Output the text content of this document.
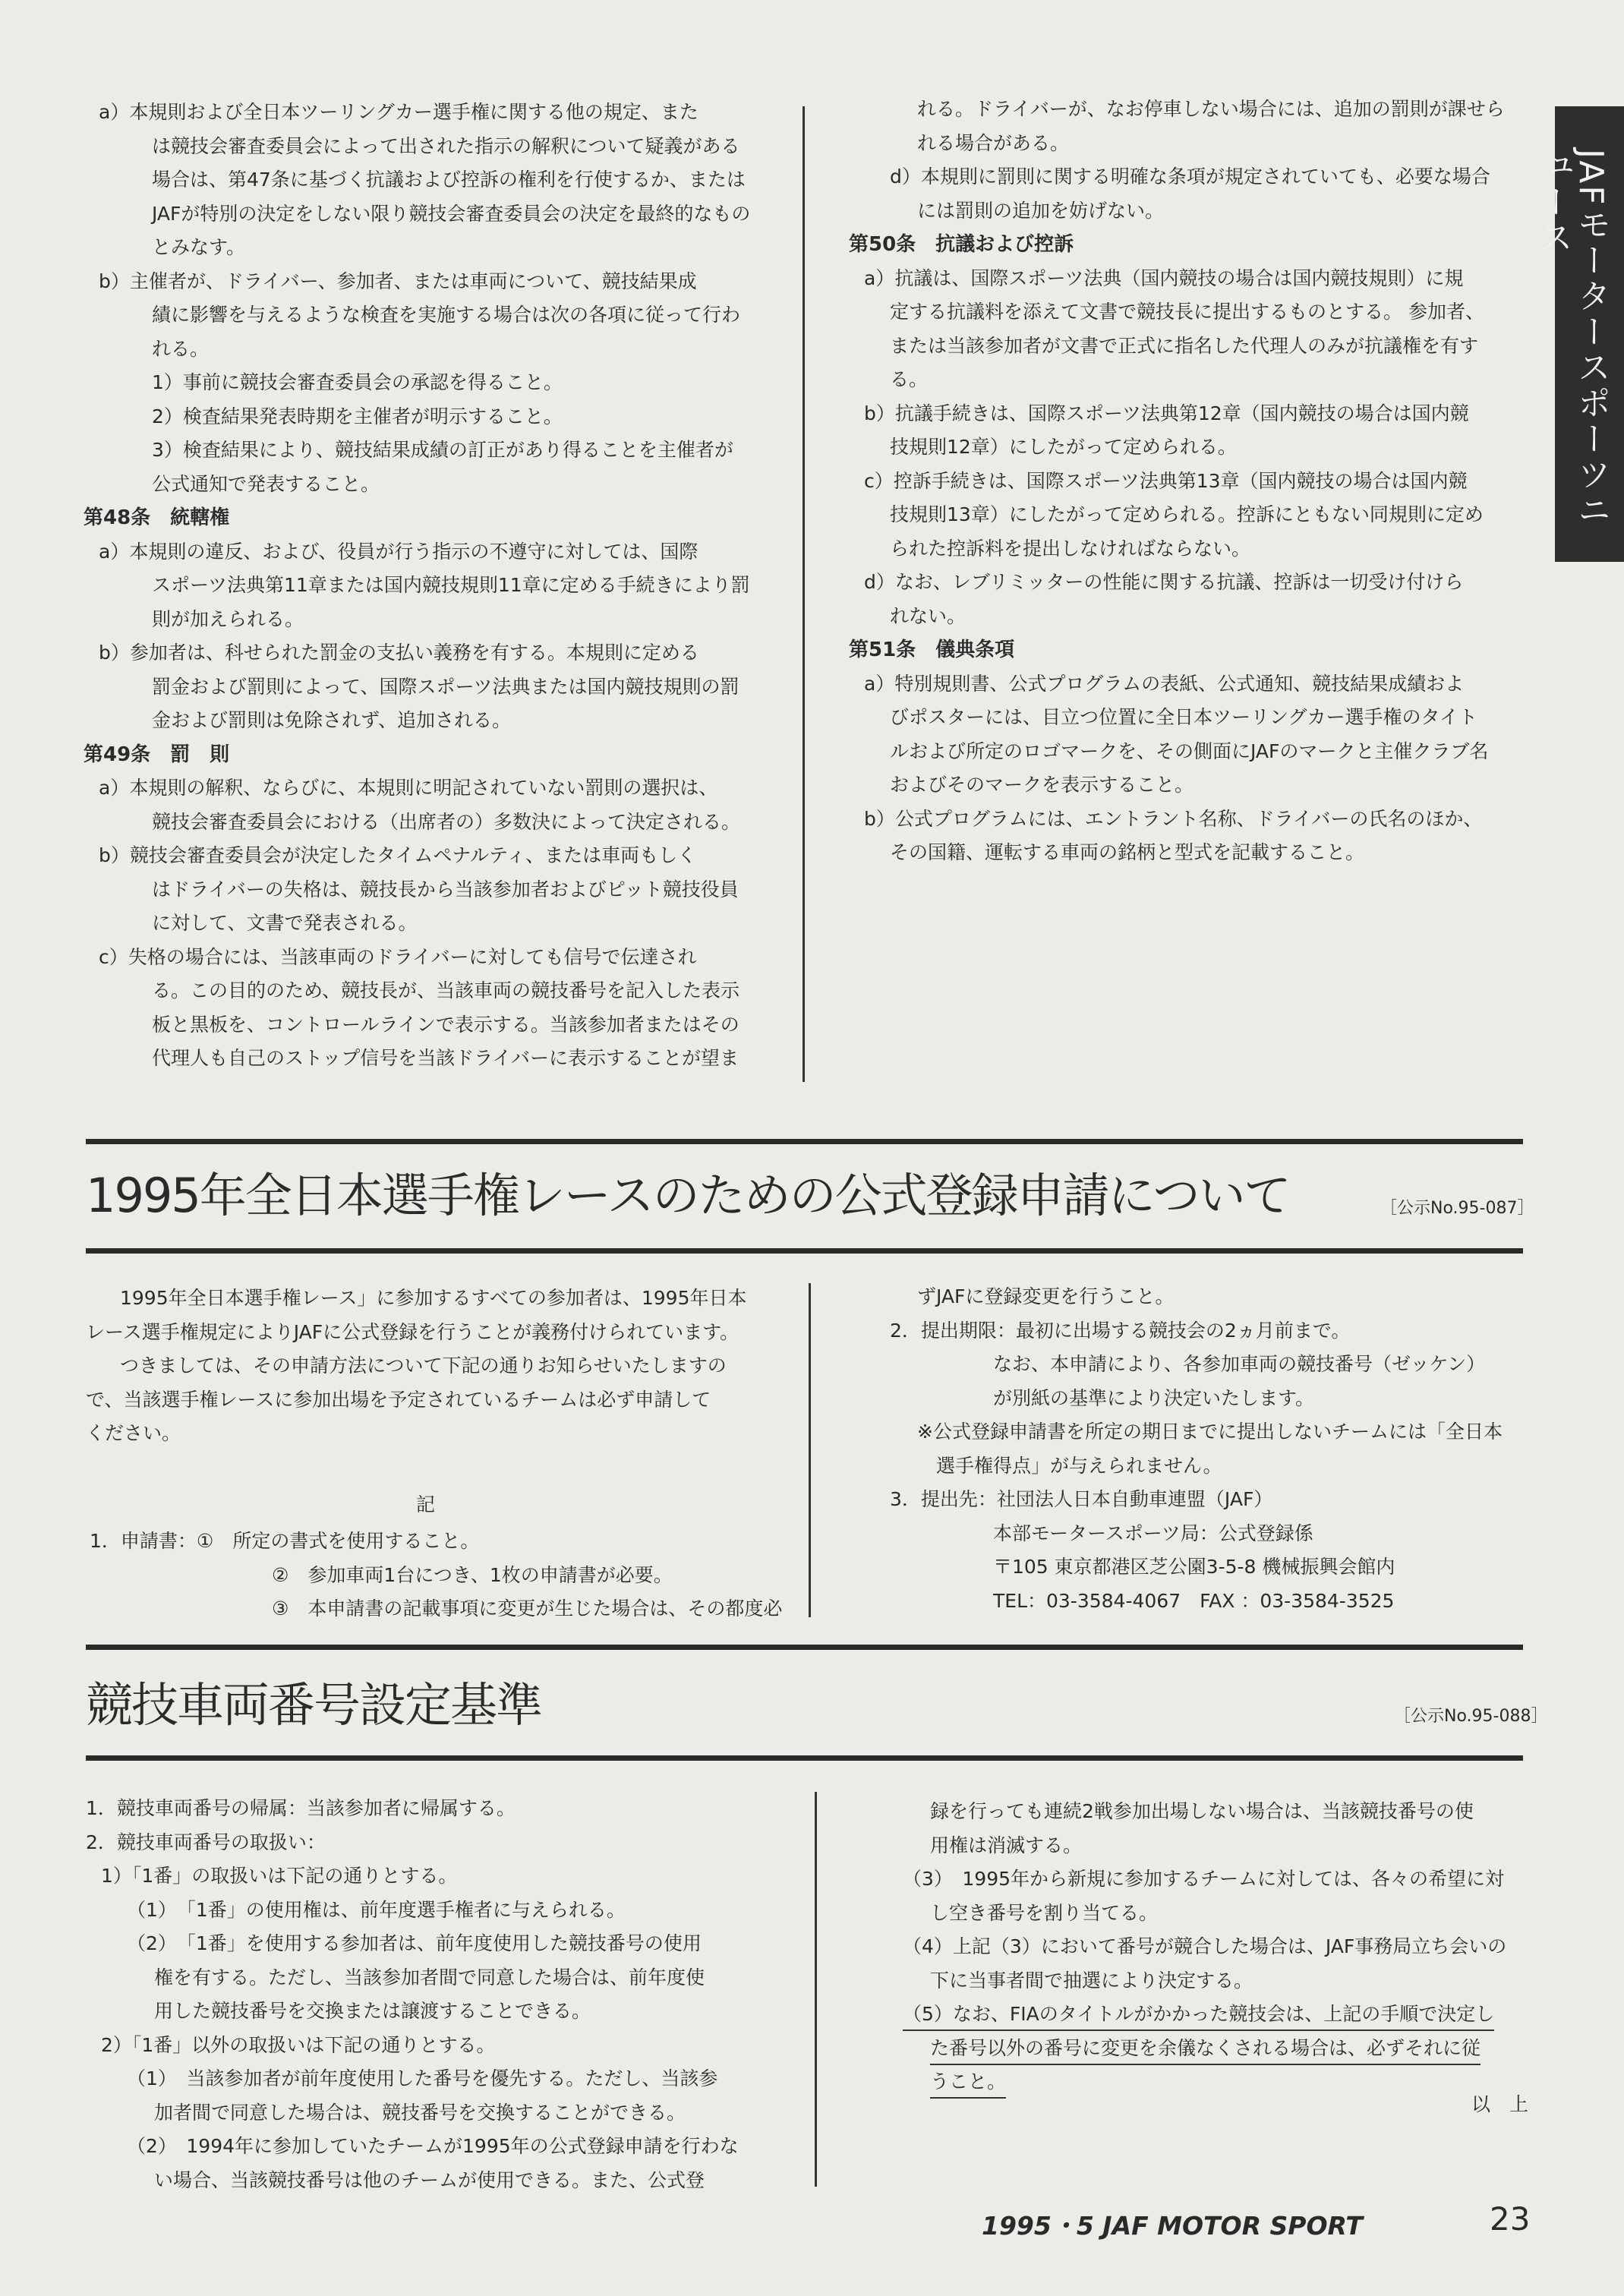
JAFモータースポーツニュース

a）本規則および全日本ツーリングカー選手権に関する他の規定、また

は競技会審査委員会によって出された指示の解釈について疑義がある

場合は、第47条に基づく抗議および控訴の権利を行使するか、または

JAFが特別の決定をしない限り競技会審査委員会の決定を最終的なもの

とみなす。

b）主催者が、ドライバー、参加者、または車両について、競技結果成

績に影響を与えるような検査を実施する場合は次の各項に従って行わ

れる。

1）事前に競技会審査委員会の承認を得ること。

2）検査結果発表時期を主催者が明示すること。

3）検査結果により、競技結果成績の訂正があり得ることを主催者が

公式通知で発表すること。

第48条　統轄権

a）本規則の違反、および、役員が行う指示の不遵守に対しては、国際

スポーツ法典第11章または国内競技規則11章に定める手続きにより罰

則が加えられる。

b）参加者は、科せられた罰金の支払い義務を有する。本規則に定める

罰金および罰則によって、国際スポーツ法典または国内競技規則の罰

金および罰則は免除されず、追加される。

第49条　罰　則

a）本規則の解釈、ならびに、本規則に明記されていない罰則の選択は、

競技会審査委員会における（出席者の）多数決によって決定される。

b）競技会審査委員会が決定したタイムペナルティ、または車両もしく

はドライバーの失格は、競技長から当該参加者およびピット競技役員

に対して、文書で発表される。

c）失格の場合には、当該車両のドライバーに対しても信号で伝達され

る。この目的のため、競技長が、当該車両の競技番号を記入した表示

板と黒板を、コントロールラインで表示する。当該参加者またはその

代理人も自己のストップ信号を当該ドライバーに表示することが望ま

れる。ドライバーが、なお停車しない場合には、追加の罰則が課せら

れる場合がある。

d）本規則に罰則に関する明確な条項が規定されていても、必要な場合

には罰則の追加を妨げない。

第50条　抗議および控訴

a）抗議は、国際スポーツ法典（国内競技の場合は国内競技規則）に規

定する抗議料を添えて文書で競技長に提出するものとする。 参加者、

または当該参加者が文書で正式に指名した代理人のみが抗議権を有す

る。

b）抗議手続きは、国際スポーツ法典第12章（国内競技の場合は国内競

技規則12章）にしたがって定められる。

c）控訴手続きは、国際スポーツ法典第13章（国内競技の場合は国内競

技規則13章）にしたがって定められる。控訴にともない同規則に定め

られた控訴料を提出しなければならない。

d）なお、レブリミッターの性能に関する抗議、控訴は一切受け付けら

れない。

第51条　儀典条項

a）特別規則書、公式プログラムの表紙、公式通知、競技結果成績およ

びポスターには、目立つ位置に全日本ツーリングカー選手権のタイト

ルおよび所定のロゴマークを、その側面にJAFのマークと主催クラブ名

およびそのマークを表示すること。

b）公式プログラムには、エントラント名称、ドライバーの氏名のほか、

その国籍、運転する車両の銘柄と型式を記載すること。

1995年全日本選手権レースのための公式登録申請について	［公示No.95-087］

　1995年全日本選手権レース」に参加するすべての参加者は、1995年日本

レース選手権規定によりJAFに公式登録を行うことが義務付けられています。

　つきましては、その申請方法について下記の通りお知らせいたしますの

で、当該選手権レースに参加出場を予定されているチームは必ず申請して

ください。

記

1．申請書：①　所定の書式を使用すること。

　　　　　　②　参加車両1台につき、1枚の申請書が必要。

　　　　　　③　本申請書の記載事項に変更が生じた場合は、その都度必

ずJAFに登録変更を行うこと。

2．提出期限：最初に出場する競技会の2ヵ月前まで。

　　　　なお、本申請により、各参加車両の競技番号（ゼッケン）

　　　　が別紙の基準により決定いたします。

※公式登録申請書を所定の期日までに提出しないチームには「全日本

　選手権得点」が与えられません。

3．提出先：社団法人日本自動車連盟（JAF）

　　　　本部モータースポーツ局：公式登録係

　　　　〒105 東京都港区芝公園3-5-8 機械振興会館内

　　　　TEL：03-3584-4067　FAX ：03-3584-3525

競技車両番号設定基準	［公示No.95-088］

1．競技車両番号の帰属：当該参加者に帰属する。

2．競技車両番号の取扱い：

1）「1番」の取扱いは下記の通りとする。

（1）　「1番」の使用権は、前年度選手権者に与えられる。

（2）　「1番」を使用する参加者は、前年度使用した競技番号の使用

権を有する。ただし、当該参加者間で同意した場合は、前年度使

用した競技番号を交換または譲渡することできる。

2）「1番」以外の取扱いは下記の通りとする。

（1）　当該参加者が前年度使用した番号を優先する。ただし、当該参

加者間で同意した場合は、競技番号を交換することができる。

（2）　1994年に参加していたチームが1995年の公式登録申請を行わな

い場合、当該競技番号は他のチームが使用できる。また、公式登

録を行っても連続2戦参加出場しない場合は、当該競技番号の使

用権は消滅する。

（3）　1995年から新規に参加するチームに対しては、各々の希望に対

し空き番号を割り当てる。

（4）上記（3）において番号が競合した場合は、JAF事務局立ち会いの

下に当事者間で抽選により決定する。

（5）なお、FIAのタイトルがかかった競技会は、上記の手順で決定し

た番号以外の番号に変更を余儀なくされる場合は、必ずそれに従

うこと。

以　上
1995・5 JAF MOTOR SPORT	23
